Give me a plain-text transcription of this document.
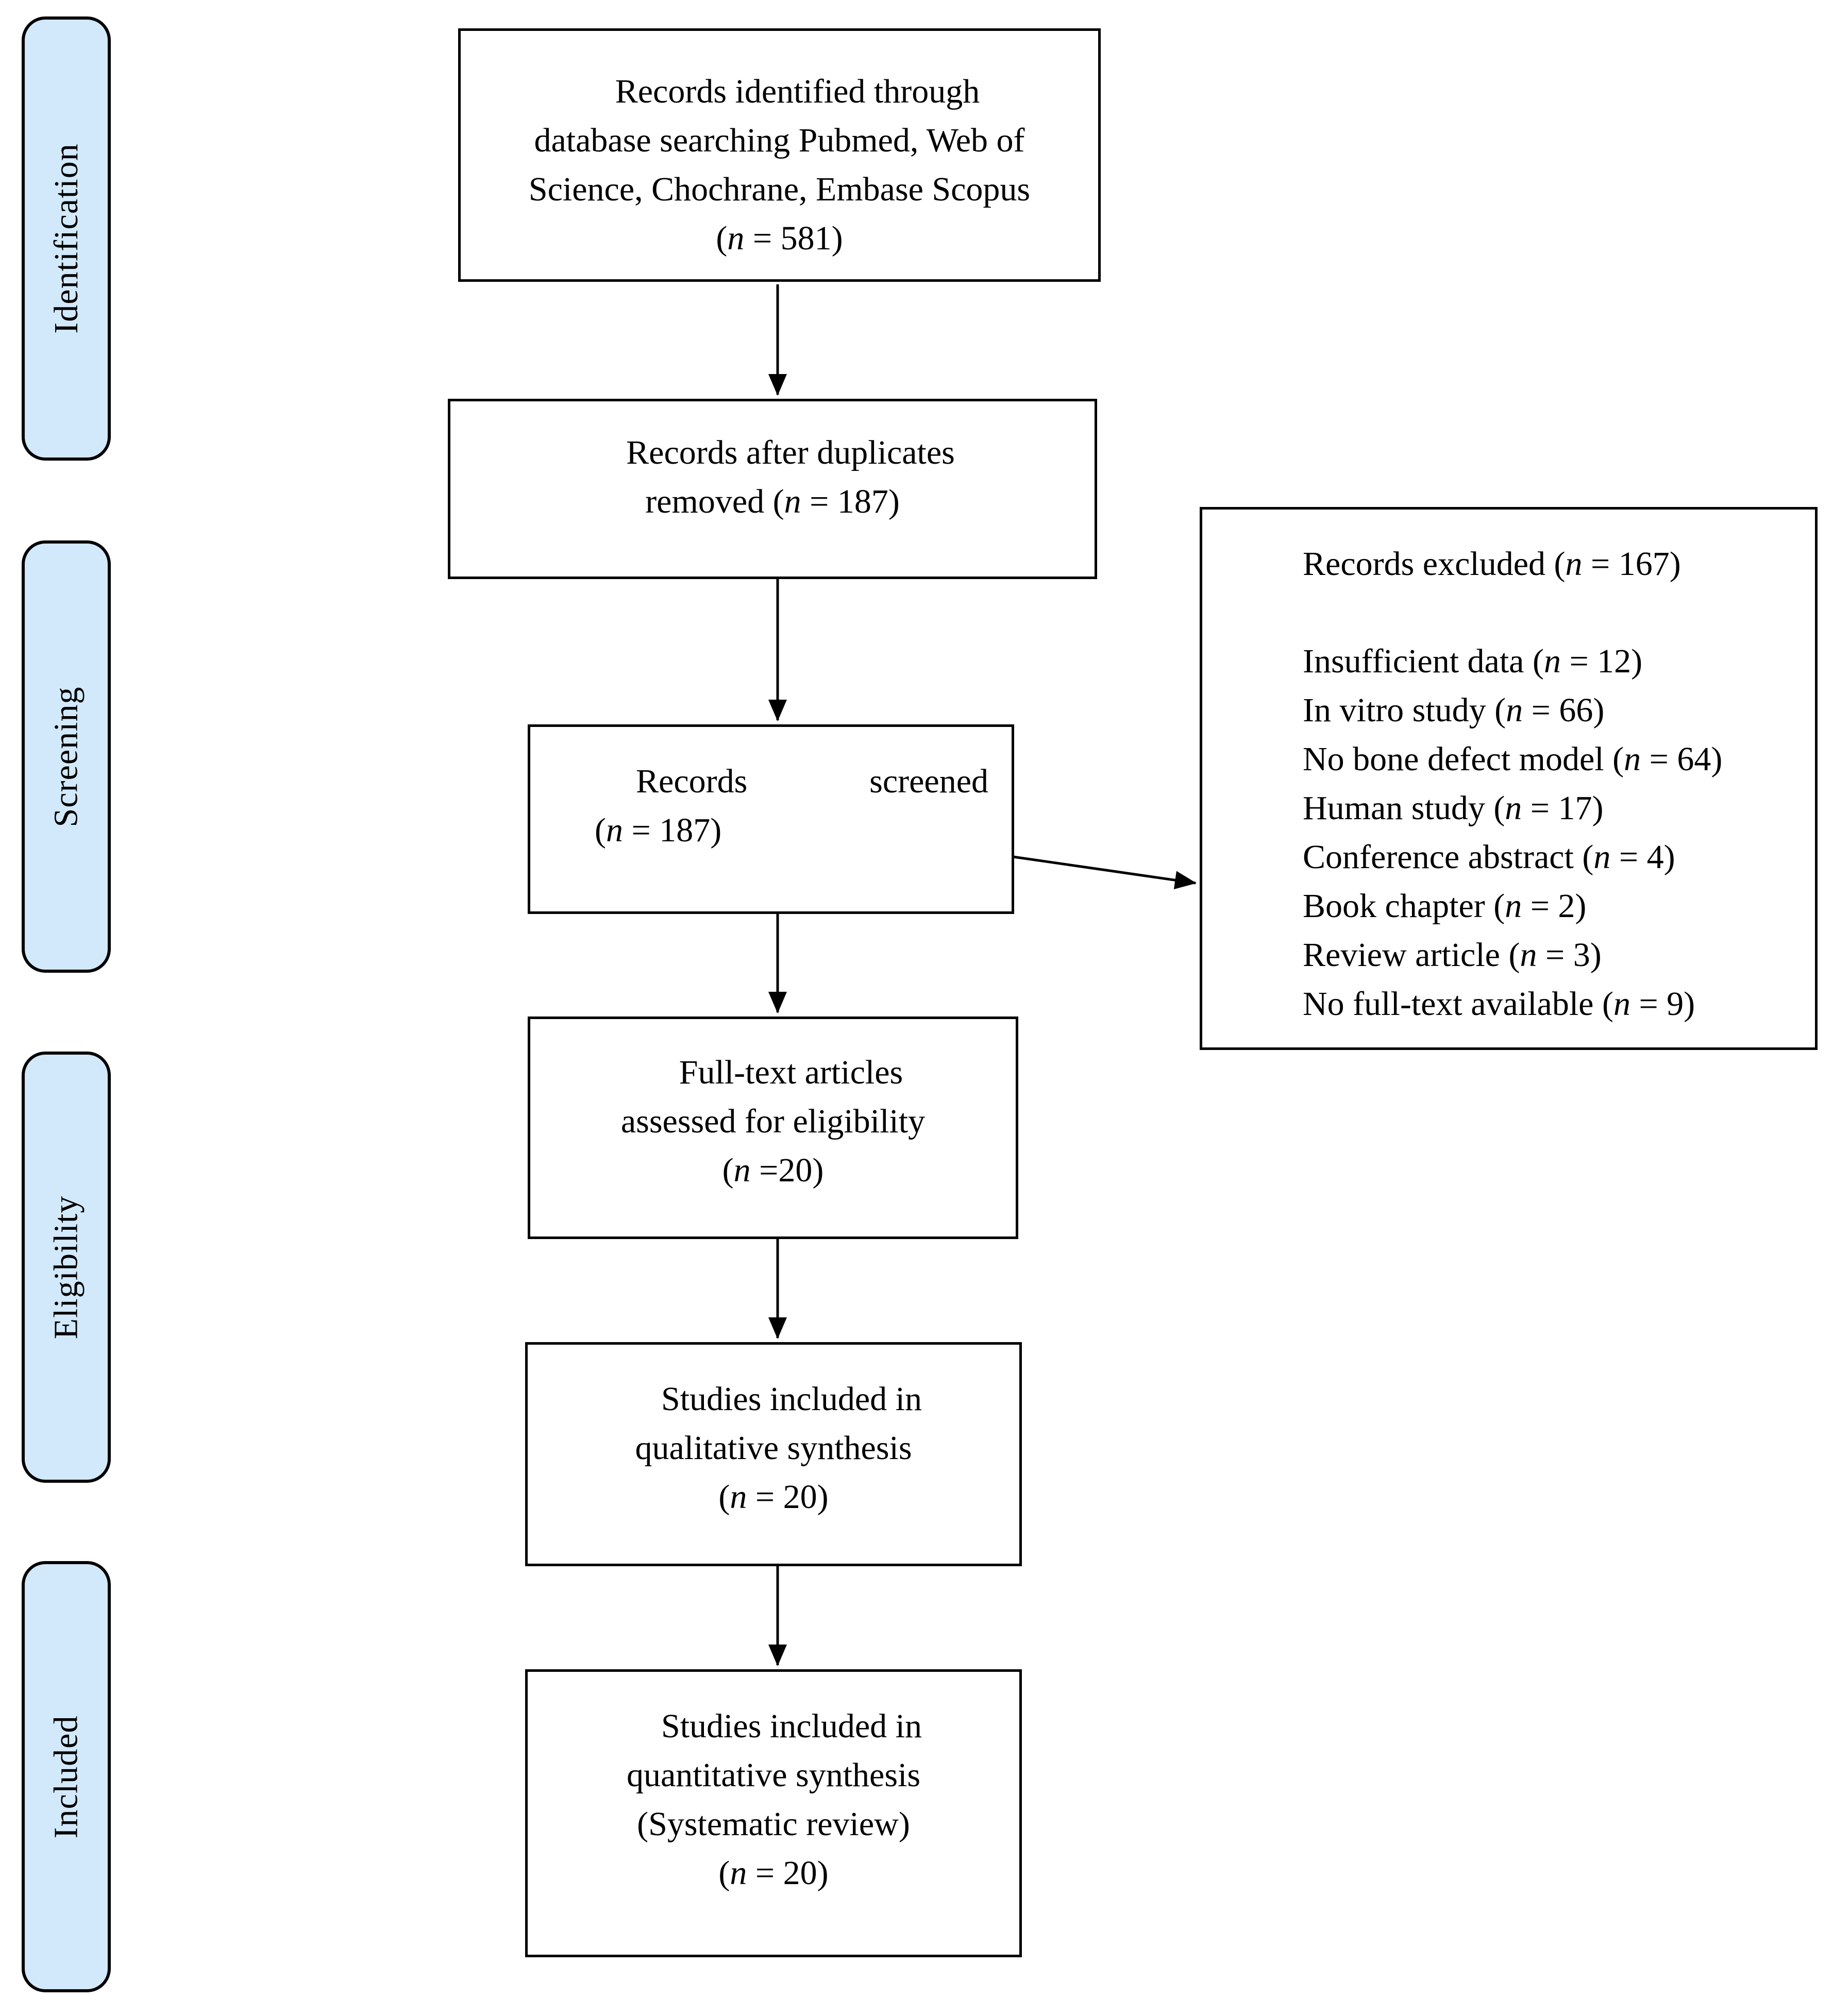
Identification
Screening
Eligibility
Included
Records identified through
database searching Pubmed, Web of
Science, Chochrane, Embase Scopus
(n = 581)
Records after duplicates
removed (n = 187)
Records	screened
(n = 187)
Records excluded (n = 167)
Insufficient data (n = 12)
In vitro study (n = 66)
No bone defect model (n = 64)
Human study (n = 17)
Conference abstract (n = 4)
Book chapter (n = 2)
Review article (n = 3)
No full-text available (n = 9)
Full-text articles
assessed for eligibility
(n =20)
Studies included in
qualitative synthesis
(n = 20)
Studies included in
quantitative synthesis
(Systematic review)
(n = 20)
